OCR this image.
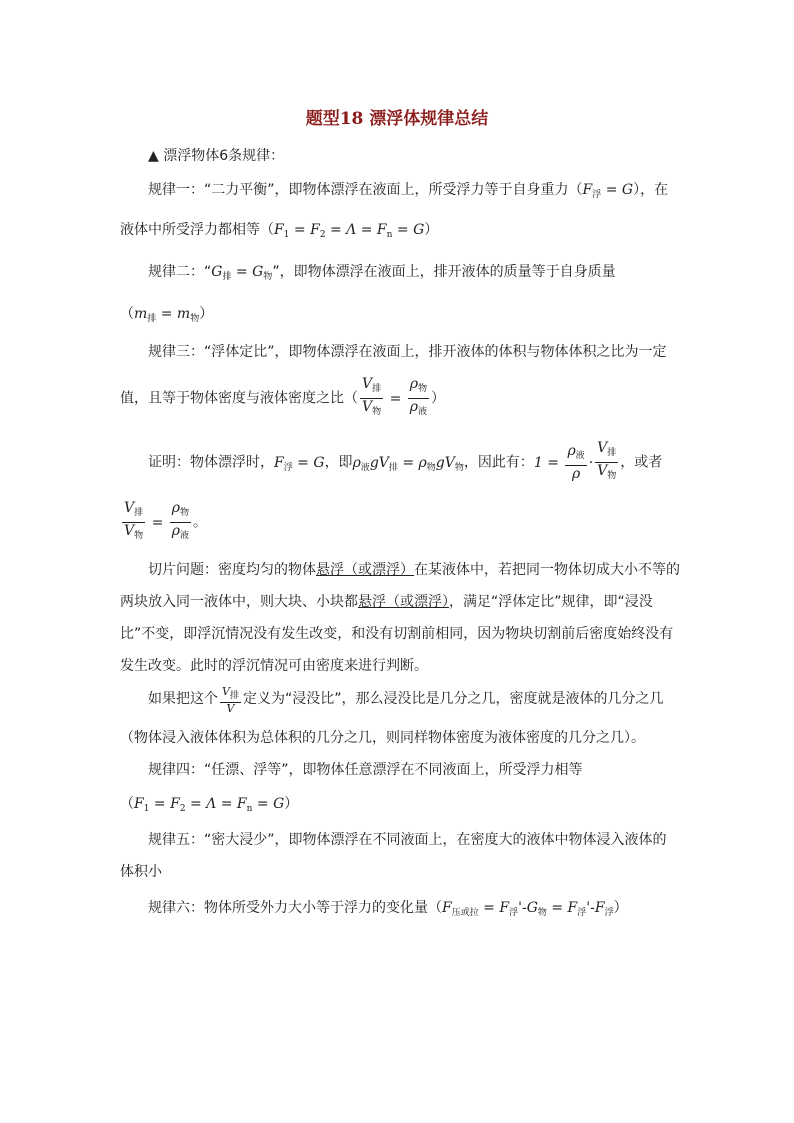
题型18 漂浮体规律总结
▲ 漂浮物体6条规律：
规律一：“二力平衡”，即物体漂浮在液面上，所受浮力等于自身重力$(F_浮 = G)$，在
液体中所受浮力都相等$(F_1 = F_2 = \Lambda = F_n = G)$
规律二：“$G_排 = G_物$”，即物体漂浮在液面上，排开液体的质量等于自身质量
$(m_排 = m_物)$
规律三：“浮体定比”，即物体漂浮在液面上，排开液体的体积与物体体积之比为一定
值，且等于物体密度与液体密度之比（ $\frac{V_排}{V_物} = \frac{\rho_物}{\rho_液}$ ）
证明：物体漂浮时，$F_浮 = G$，即$\rho_液gV_排 = \rho_物gV_物$，因此有：$1 = \frac{\rho_液}{\rho} \cdot \frac{V_排}{V_物}$ ，或者
$\frac{V_排}{V_物} = \frac{\rho_物}{\rho_液}$ 。
切片问题：密度均匀的物体悬浮（或漂浮）在某液体中，若把同一物体切成大小不等的
两块放入同一液体中，则大块、小块都悬浮（或漂浮），满足“浮体定比”规律，即“浸没
比”不变，即浮沉情况没有发生改变，和没有切割前相同，因为物块切割前后密度始终没有
发生改变。此时的浮沉情况可由密度来进行判断。
如果把这个 $\frac{V_排}{V}$ 定义为“浸没比”，那么浸没比是几分之几，密度就是液体的几分之几
（物体浸入液体体积为总体积的几分之几，则同样物体密度为液体密度的几分之几）。
规律四：“任漂、浮等”，即物体任意漂浮在不同液面上，所受浮力相等
$(F_1 = F_2 = \Lambda = F_n = G)$
规律五：“密大浸少”，即物体漂浮在不同液面上，在密度大的液体中物体浸入液体的
体积小
规律六：物体所受外力大小等于浮力的变化量$(F_{压或拉} = F_浮'-G_物 = F_浮'-F_浮)$
